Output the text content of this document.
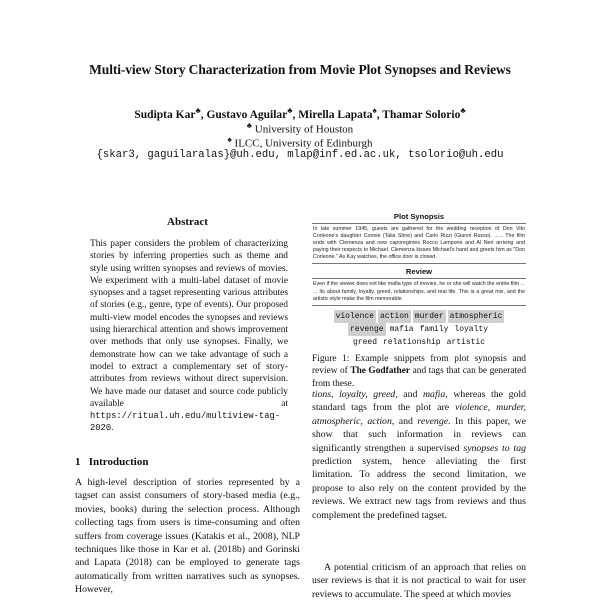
Multi-view Story Characterization from Movie Plot Synopses and Reviews
Sudipta Kar♣, Gustavo Aguilar♣, Mirella Lapata♠, Thamar Solorio♣
♣ University of Houston
♠ ILCC, University of Edinburgh
{skar3, gaguilaralas}@uh.edu, mlap@inf.ed.ac.uk, tsolorio@uh.edu
Abstract
This paper considers the problem of characterizing stories by inferring properties such as theme and style using written synopses and reviews of movies. We experiment with a multi-label dataset of movie synopses and a tagset representing various attributes of stories (e.g., genre, type of events). Our proposed multi-view model encodes the synopses and reviews using hierarchical attention and shows improvement over methods that only use synopses. Finally, we demonstrate how can we take advantage of such a model to extract a complementary set of story-attributes from reviews without direct supervision. We have made our dataset and source code publicly available at https://ritual.uh.edu/multiview-tag-2020.
1 Introduction
A high-level description of stories represented by a tagset can assist consumers of story-based media (e.g., movies, books) during the selection process. Although collecting tags from users is time-consuming and often suffers from coverage issues (Katakis et al., 2008), NLP techniques like those in Kar et al. (2018b) and Gorinski and Lapata (2018) can be employed to generate tags automatically from written narratives such as synopses. However,
Plot Synopsis
In late summer 1945, guests are gathered for the wedding reception of Don Vito Corleone's daughter Connie (Talia Shire) and Carlo Rizzi (Gianni Russo). ...... The film ends with Clemenza and new caporegimes Rocco Lampone and Al Neri arriving and paying their respects to Michael. Clemenza kisses Michael's hand and greets him as "Don Corleone." As Kay watches, the office door is closed.
Review
Even if the viewer does not like mafia type of movies, he or she will watch the entire film ... ... Its about family, loyalty, greed, relationships, and real life. This is a great mix, and the artistic style make the film memorable.
violence action murder atmospheric
revenge mafia family loyalty
greed relationship artistic
Figure 1: Example snippets from plot synopsis and review of The Godfather and tags that can be generated from these.
tions, loyalty, greed, and mafia, whereas the gold standard tags from the plot are violence, murder, atmospheric, action, and revenge. In this paper, we show that such information in reviews can significantly strengthen a supervised synopses to tag prediction system, hence alleviating the first limitation. To address the second limitation, we propose to also rely on the content provided by the reviews. We extract new tags from reviews and thus complement the predefined tagset.
A potential criticism of an approach that relies on user reviews is that it is not practical to wait for user reviews to accumulate. The speed at which movies
